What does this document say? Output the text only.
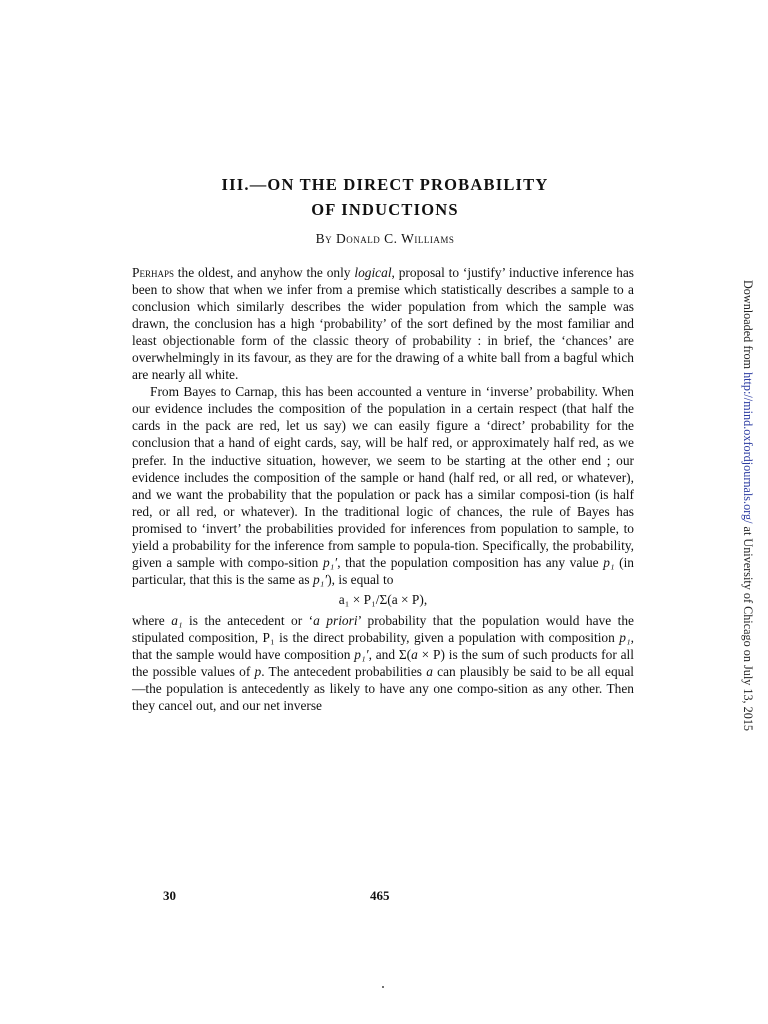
III.—ON THE DIRECT PROBABILITY
OF INDUCTIONS
By Donald C. Williams

Perhaps the oldest, and anyhow the only logical, proposal to ‘justify’ inductive inference has been to show that when we infer from a premise which statistically describes a sample to a conclusion which similarly describes the wider population from which the sample was drawn, the conclusion has a high ‘probability’ of the sort defined by the most familiar and least objectionable form of the classic theory of probability : in brief, the ‘chances’ are overwhelmingly in its favour, as they are for the drawing of a white ball from a bagful which are nearly all white.

From Bayes to Carnap, this has been accounted a venture in ‘inverse’ probability. When our evidence includes the composition of the population in a certain respect (that half the cards in the pack are red, let us say) we can easily figure a ‘direct’ probability for the conclusion that a hand of eight cards, say, will be half red, or approximately half red, as we prefer. In the inductive situation, however, we seem to be starting at the other end ; our evidence includes the composition of the sample or hand (half red, or all red, or whatever), and we want the probability that the population or pack has a similar composi-tion (is half red, or all red, or whatever). In the traditional logic of chances, the rule of Bayes has promised to ‘invert’ the probabilities provided for inferences from population to sample, to yield a probability for the inference from sample to popula-tion. Specifically, the probability, given a sample with compo-sition p₁′, that the population composition has any value p₁ (in particular, that this is the same as p₁′), is equal to

a₁ × P₁/Σ(a × P),

where a₁ is the antecedent or ‘a priori’ probability that the population would have the stipulated composition, P₁ is the direct probability, given a population with composition p₁, that the sample would have composition p₁′, and Σ(a × P) is the sum of such products for all the possible values of p. The antecedent probabilities a can plausibly be said to be all equal —the population is antecedently as likely to have any one compo-sition as any other. Then they cancel out, and our net inverse

30	465
Downloaded from http://mind.oxfordjournals.org/ at University of Chicago on July 13, 2015
